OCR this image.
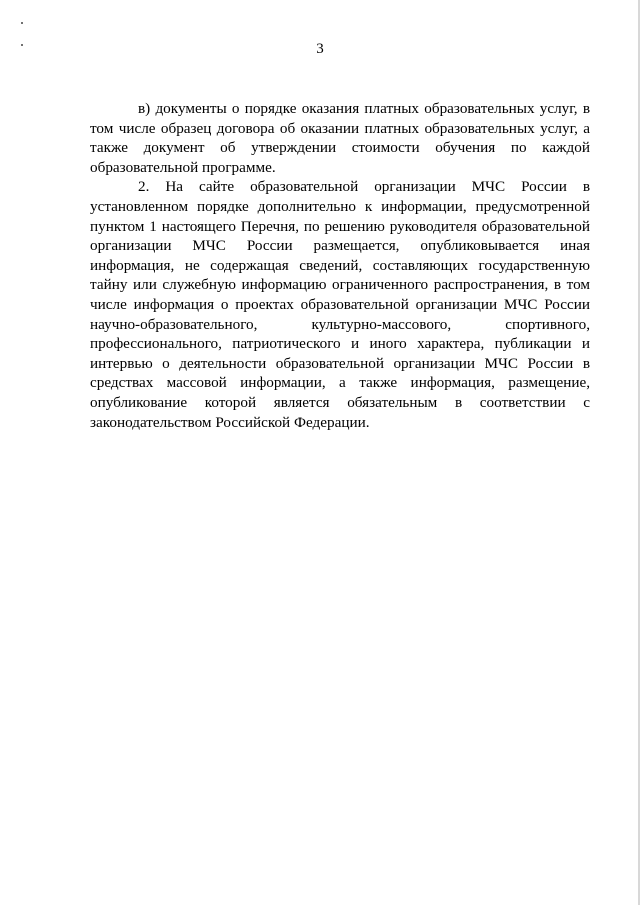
3

в) документы о порядке оказания платных образовательных услуг, в том числе образец договора об оказании платных образовательных услуг, а также документ об утверждении стоимости обучения по каждой образовательной программе.

2. На сайте образовательной организации МЧС России в установленном порядке дополнительно к информации, предусмотренной пунктом 1 настоящего Перечня, по решению руководителя образовательной организации МЧС России размещается, опубликовывается иная информация, не содержащая сведений, составляющих государственную тайну или служебную информацию ограниченного распространения, в том числе информация о проектах образовательной организации МЧС России научно-образовательного, культурно-массового, спортивного, профессионального, патриотического и иного характера, публикации и интервью о деятельности образовательной организации МЧС России в средствах массовой информации, а также информация, размещение, опубликование которой является обязательным в соответствии с законодательством Российской Федерации.
